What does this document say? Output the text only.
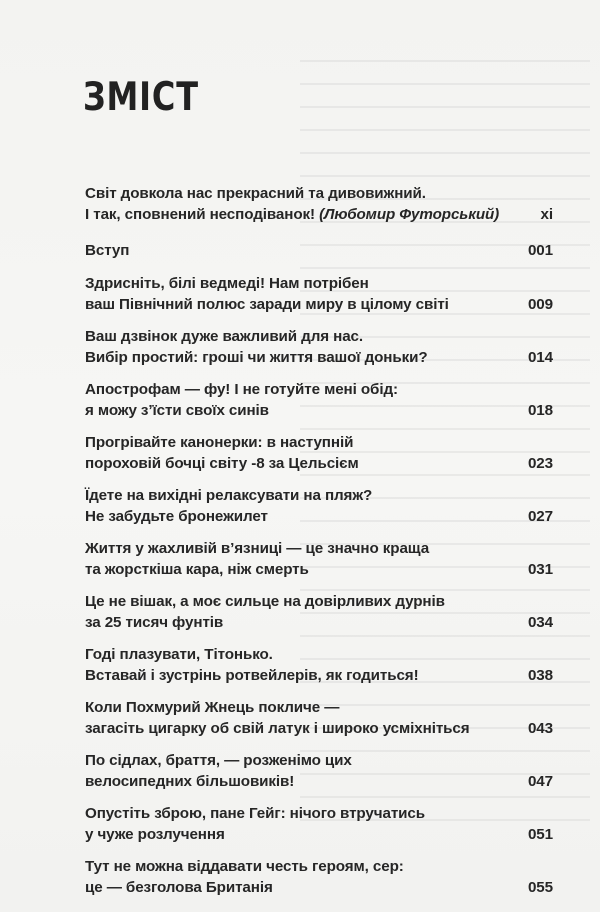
ЗМІСТ
Світ довкола нас прекрасний та дивовижний.
І так, сповнений несподіванок! (Любомир Футорський)	xi
Вступ	001
Здрисніть, білі ведмеді! Нам потрібен
ваш Північний полюс заради миру в цілому світі	009
Ваш дзвінок дуже важливий для нас.
Вибір простий: гроші чи життя вашої доньки?	014
Апострофам — фу! І не готуйте мені обід:
я можу з’їсти своїх синів	018
Прогрівайте канонерки: в наступній
пороховій бочці світу -8 за Цельсієм	023
Їдете на вихідні релаксувати на пляж?
Не забудьте бронежилет	027
Життя у жахливій в’язниці — це значно краща
та жорсткіша кара, ніж смерть	031
Це не вішак, а моє сильце на довірливих дурнів
за 25 тисяч фунтів	034
Годі плазувати, Тітонько.
Вставай і зустрінь ротвейлерів, як годиться!	038
Коли Похмурий Жнець покличе —
загасіть цигарку об свій латук і широко усміхніться	043
По сідлах, браття, — розженімо цих
велосипедних більшовиків!	047
Опустіть зброю, пане Гейг: нічого втручатись
у чуже розлучення	051
Тут не можна віддавати честь героям, сер:
це — безголова Британія	055
